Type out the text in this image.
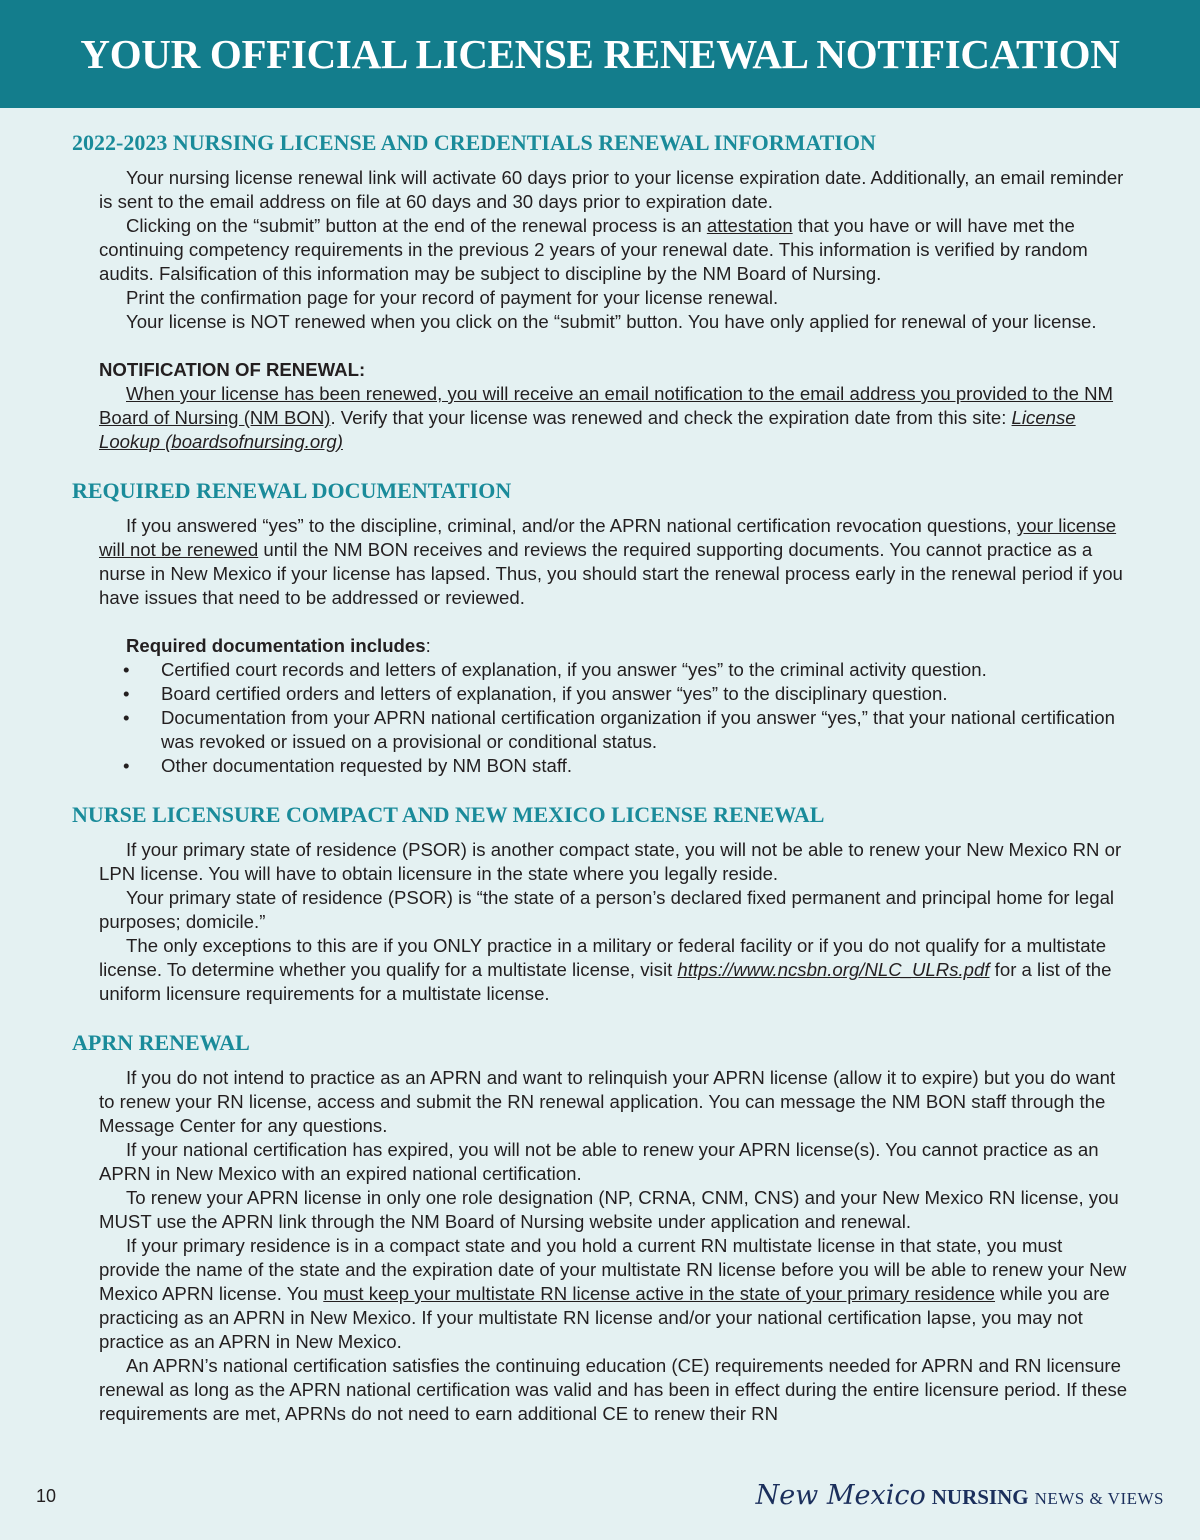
YOUR OFFICIAL LICENSE RENEWAL NOTIFICATION
2022-2023 NURSING LICENSE AND CREDENTIALS RENEWAL INFORMATION

Your nursing license renewal link will activate 60 days prior to your license expiration date. Additionally, an email reminder is sent to the email address on file at 60 days and 30 days prior to expiration date.

Clicking on the “submit” button at the end of the renewal process is an attestation that you have or will have met the continuing competency requirements in the previous 2 years of your renewal date. This information is verified by random audits. Falsification of this information may be subject to discipline by the NM Board of Nursing.

Print the confirmation page for your record of payment for your license renewal.

Your license is NOT renewed when you click on the “submit” button. You have only applied for renewal of your license.

NOTIFICATION OF RENEWAL:

When your license has been renewed, you will receive an email notification to the email address you provided to the NM Board of Nursing (NM BON). Verify that your license was renewed and check the expiration date from this site: License Lookup (boardsofnursing.org)

REQUIRED RENEWAL DOCUMENTATION

If you answered “yes” to the discipline, criminal, and/or the APRN national certification revocation questions, your license will not be renewed until the NM BON receives and reviews the required supporting documents. You cannot practice as a nurse in New Mexico if your license has lapsed. Thus, you should start the renewal process early in the renewal period if you have issues that need to be addressed or reviewed.

Required documentation includes:
• Certified court records and letters of explanation, if you answer “yes” to the criminal activity question.
• Board certified orders and letters of explanation, if you answer “yes” to the disciplinary question.
• Documentation from your APRN national certification organization if you answer “yes,” that your national certification was revoked or issued on a provisional or conditional status.
• Other documentation requested by NM BON staff.
NURSE LICENSURE COMPACT AND NEW MEXICO LICENSE RENEWAL

If your primary state of residence (PSOR) is another compact state, you will not be able to renew your New Mexico RN or LPN license. You will have to obtain licensure in the state where you legally reside.

Your primary state of residence (PSOR) is “the state of a person’s declared fixed permanent and principal home for legal purposes; domicile.”

The only exceptions to this are if you ONLY practice in a military or federal facility or if you do not qualify for a multistate license. To determine whether you qualify for a multistate license, visit https://www.ncsbn.org/NLC_ULRs.pdf for a list of the uniform licensure requirements for a multistate license.

APRN RENEWAL

If you do not intend to practice as an APRN and want to relinquish your APRN license (allow it to expire) but you do want to renew your RN license, access and submit the RN renewal application. You can message the NM BON staff through the Message Center for any questions.

If your national certification has expired, you will not be able to renew your APRN license(s). You cannot practice as an APRN in New Mexico with an expired national certification.

To renew your APRN license in only one role designation (NP, CRNA, CNM, CNS) and your New Mexico RN license, you MUST use the APRN link through the NM Board of Nursing website under application and renewal.

If your primary residence is in a compact state and you hold a current RN multistate license in that state, you must provide the name of the state and the expiration date of your multistate RN license before you will be able to renew your New Mexico APRN license. You must keep your multistate RN license active in the state of your primary residence while you are practicing as an APRN in New Mexico. If your multistate RN license and/or your national certification lapse, you may not practice as an APRN in New Mexico.

An APRN’s national certification satisfies the continuing education (CE) requirements needed for APRN and RN licensure renewal as long as the APRN national certification was valid and has been in effect during the entire licensure period. If these requirements are met, APRNs do not need to earn additional CE to renew their RN

10	New Mexico NURSING NEWS & VIEWS
